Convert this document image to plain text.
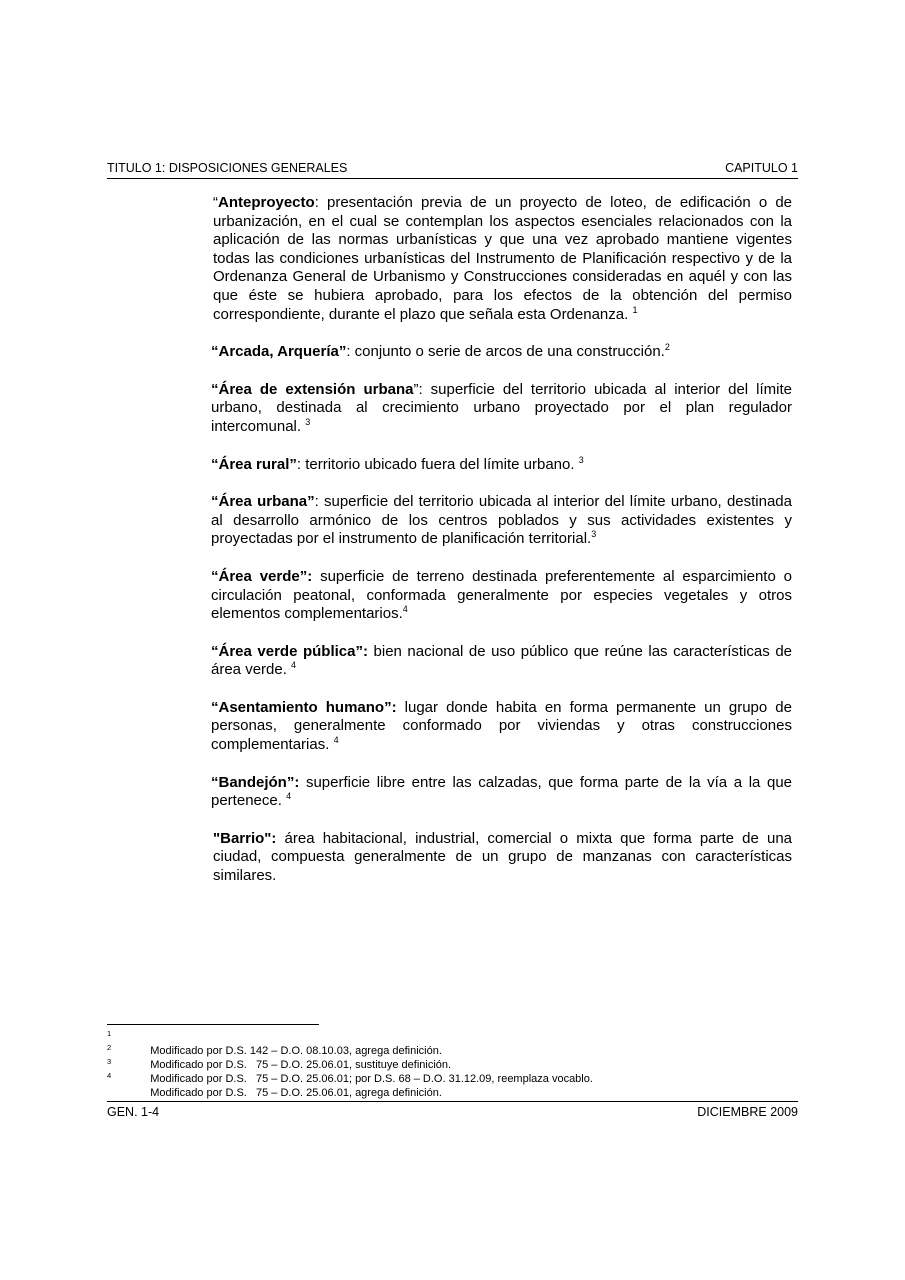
TITULO 1: DISPOSICIONES GENERALES	CAPITULO 1

“Anteproyecto: presentación previa de un proyecto de loteo, de edificación o de urbanización, en el cual se contemplan los aspectos esenciales relacionados con la aplicación de las normas urbanísticas y que una vez aprobado mantiene vigentes todas las condiciones urbanísticas del Instrumento de Planificación respectivo y de la Ordenanza General de Urbanismo y Construcciones consideradas en aquél y con las que éste se hubiera aprobado, para los efectos de la obtención del permiso correspondiente, durante el plazo que señala esta Ordenanza. $^1$

“Arcada, Arquería”: conjunto o serie de arcos de una construcción.$^2$

“Área de extensión urbana”: superficie del territorio ubicada al interior del límite urbano, destinada al crecimiento urbano proyectado por el plan regulador intercomunal. $^3$

“Área rural”: territorio ubicado fuera del límite urbano. $^3$

“Área urbana”: superficie del territorio ubicada al interior del límite urbano, destinada al desarrollo armónico de los centros poblados y sus actividades existentes y proyectadas por el instrumento de planificación territorial.$^3$

“Área verde”: superficie de terreno destinada preferentemente al esparcimiento o circulación peatonal, conformada generalmente por especies vegetales y otros elementos complementarios.$^4$

“Área verde pública”: bien nacional de uso público que reúne las características de área verde. $^4$

“Asentamiento humano”: lugar donde habita en forma permanente un grupo de personas, generalmente conformado por viviendas y otras construcciones complementarias. $^4$

“Bandejón”: superficie libre entre las calzadas, que forma parte de la vía a la que pertenece. $^4$

"Barrio": área habitacional, industrial, comercial o mixta que forma parte de una ciudad, compuesta generalmente de un grupo de manzanas con características similares.

1
Modificado por D.S. 142 – D.O. 08.10.03, agrega definición.

2
Modificado por D.S.   75 – D.O. 25.06.01, sustituye definición.

3
Modificado por D.S.   75 – D.O. 25.06.01; por D.S. 68 – D.O. 31.12.09, reemplaza vocablo.

4
Modificado por D.S.   75 – D.O. 25.06.01, agrega definición.

GEN. 1-4	DICIEMBRE 2009
